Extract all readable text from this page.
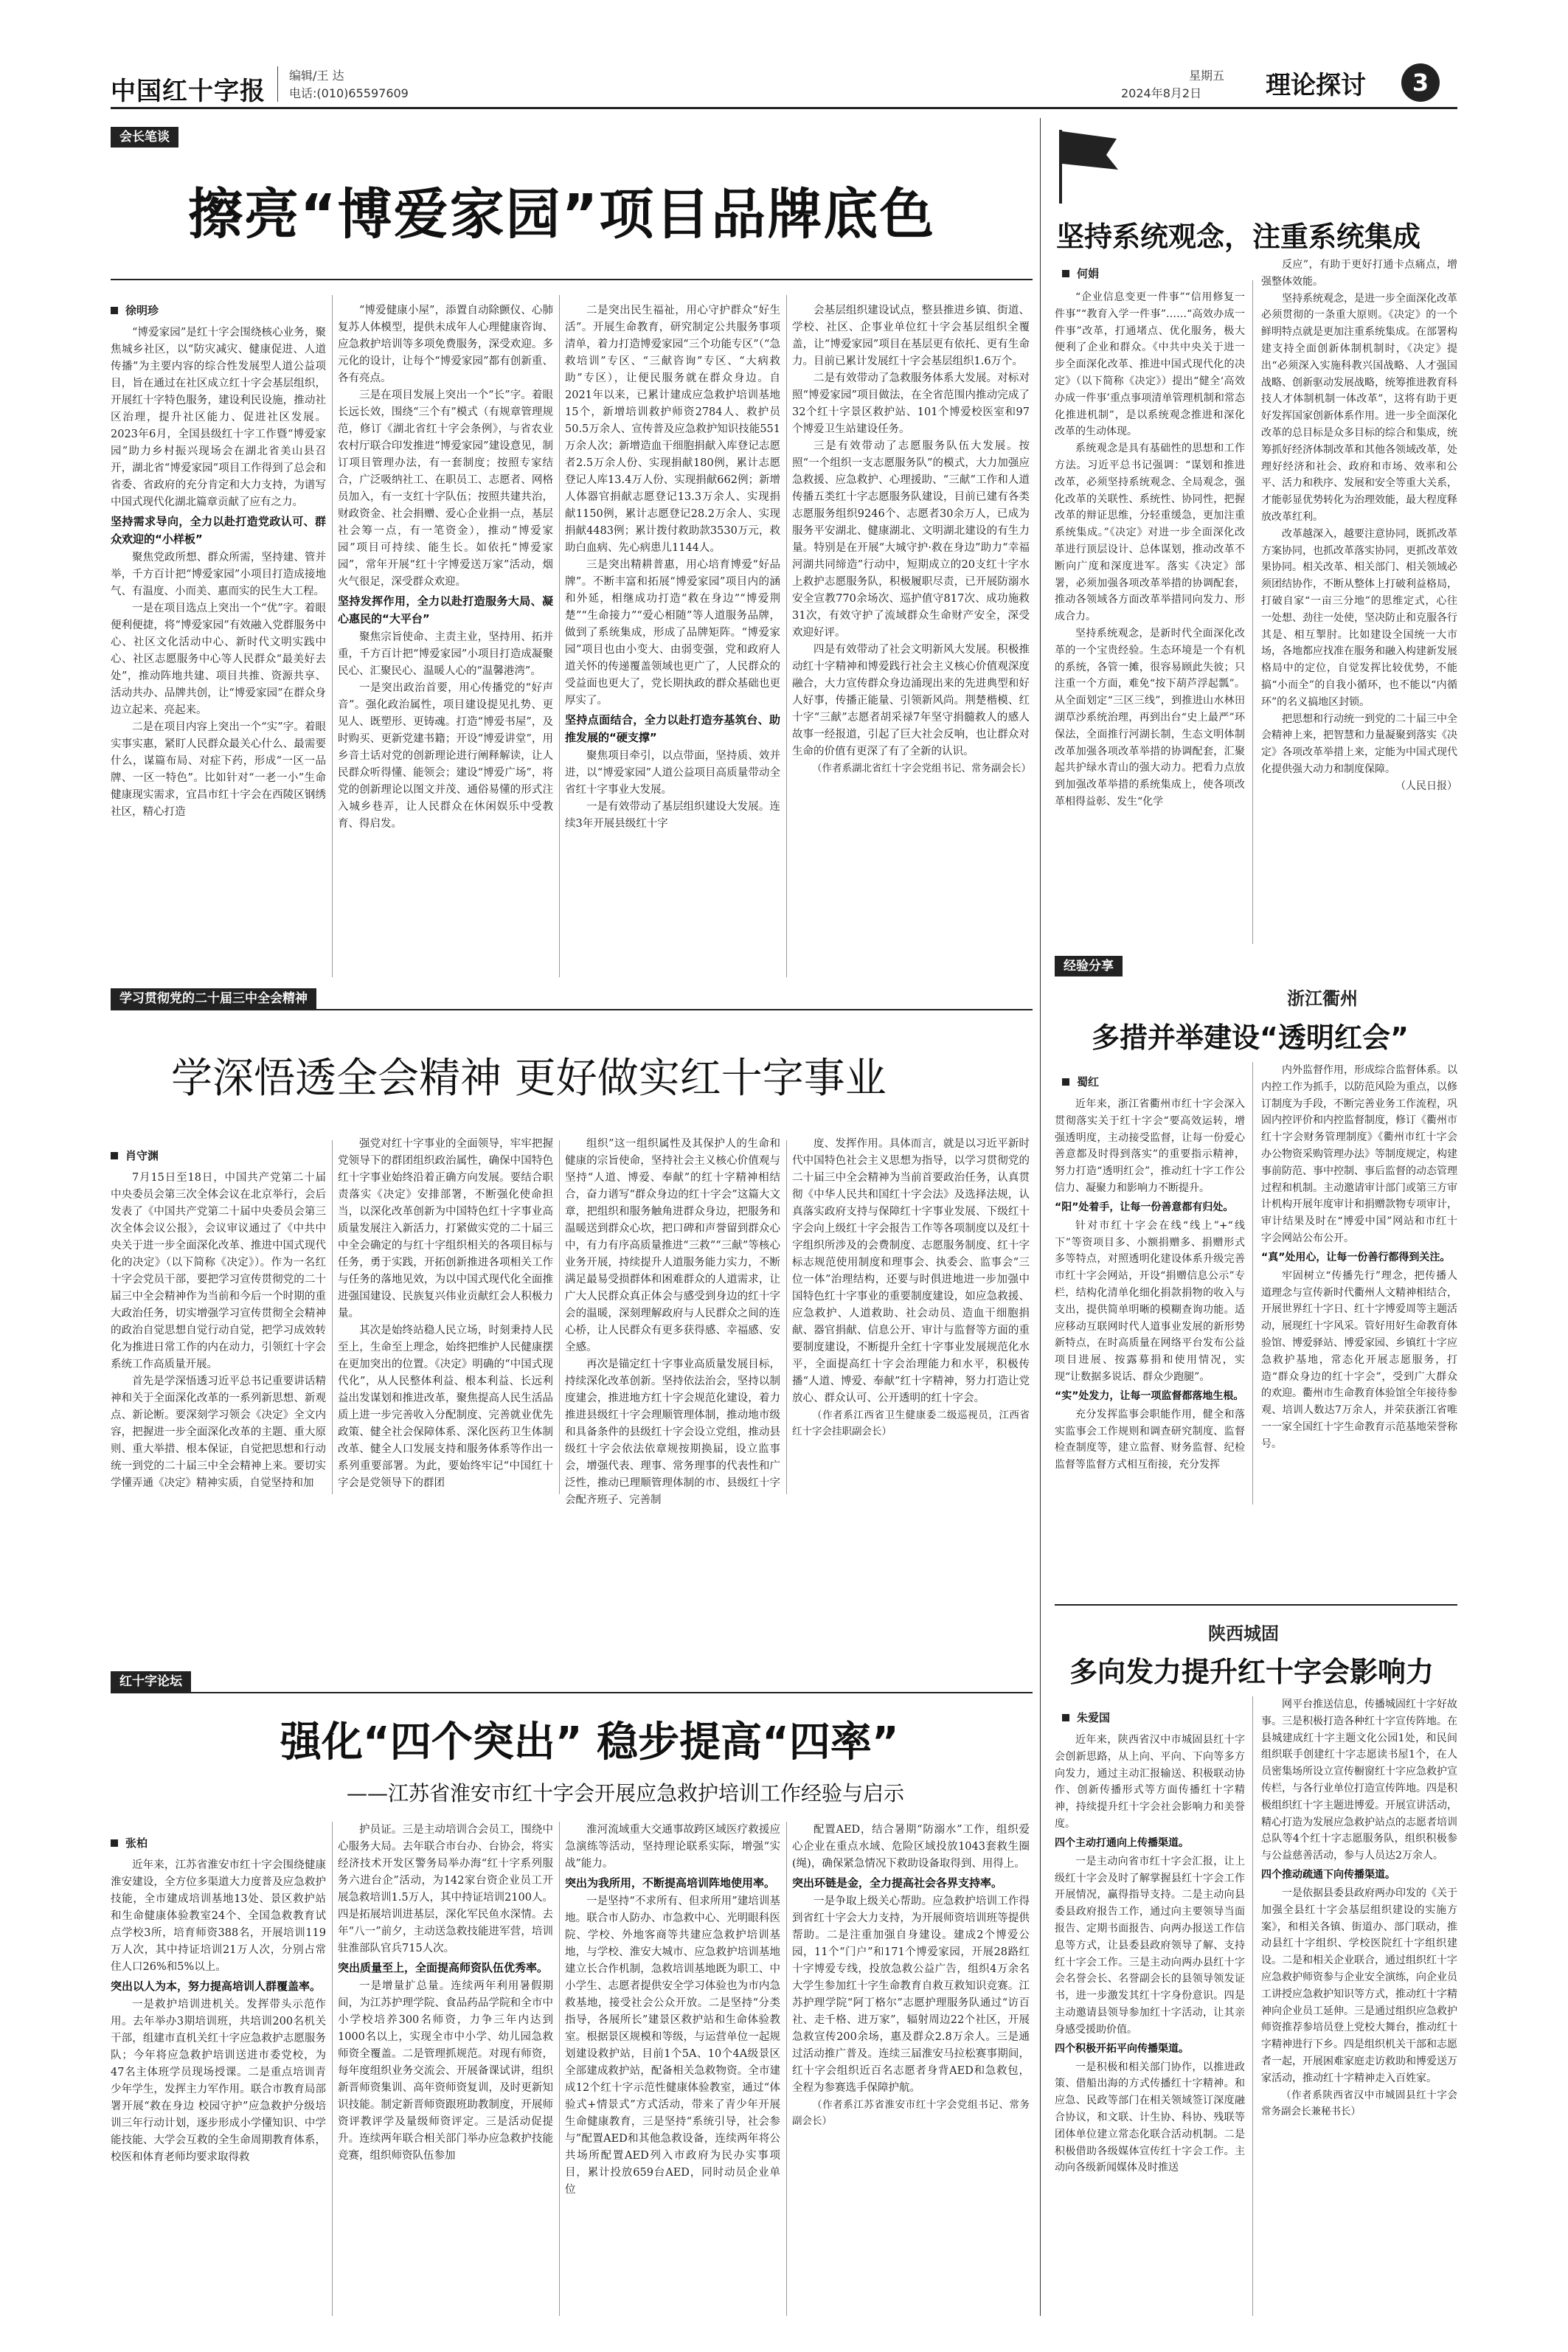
中国红十字报
编辑/王 达
电话:(010)65597609
星期五
2024年8月2日	理论探讨	3
会长笔谈
擦亮“博爱家园”项目品牌底色
徐明珍

“博爱家园”是红十字会围绕核心业务，聚焦城乡社区，以“防灾减灾、健康促进、人道传播”为主要内容的综合性发展型人道公益项目，旨在通过在社区成立红十字会基层组织，开展红十字特色服务，建设利民设施，推动社区治理，提升社区能力、促进社区发展。2023年6月，全国县级红十字工作暨“博爱家园”助力乡村振兴现场会在湖北省美山县召开，湖北省“博爱家园”项目工作得到了总会和省委、省政府的充分肯定和大力支持，为谱写中国式现代化湖北篇章贡献了应有之力。

坚持需求导向，全力以赴打造党政认可、群众欢迎的“小样板”

聚焦党政所想、群众所需，坚持建、管并举，千方百计把“博爱家园”小项目打造成接地气、有温度、小而美、惠而实的民生大工程。

一是在项目选点上突出一个“优”字。着眼便利便捷，将“博爱家园”有效融入党群服务中心、社区文化活动中心、新时代文明实践中心、社区志愿服务中心等人民群众“最美好去处”，推动阵地共建、项目共推、资源共享、活动共办、品牌共创，让“博爱家园”在群众身边立起来、亮起来。

二是在项目内容上突出一个“实”字。着眼实事实惠，紧盯人民群众最关心什么、最需要什么，谋篇布局、对症下药，形成“一区一品牌、一区一特色”。比如针对“一老一小”生命健康现实需求，宜昌市红十字会在西陵区钢绣社区，精心打造

“博爱健康小屋”，添置自动除颤仪、心肺复苏人体模型，提供未成年人心理健康咨询、应急救护培训等多项免费服务，深受欢迎。多元化的设计，让每个“博爱家园”都有创新重、各有亮点。

三是在项目发展上突出一个“长”字。着眼长远长效，围绕“三个有”模式（有规章管理规范，修订《湖北省红十字会条例》，与省农业农村厅联合印发推进“博爱家园”建设意见，制订项目管理办法，有一套制度；按照专家结合，广泛吸纳社工、在职员工、志愿者、网格员加入，有一支红十字队伍；按照共建共治，财政资金、社会捐赠、爱心企业捐一点，基层社会筹一点，有一笔资金），推动“博爱家园”项目可持续、能生长。如依托“博爱家园”，常年开展“红十字博爱送万家”活动，烟火气很足，深受群众欢迎。

坚持发挥作用，全力以赴打造服务大局、凝心惠民的“大平台”

聚焦宗旨使命、主责主业，坚持用、拓并重，千方百计把“博爱家园”小项目打造成凝聚民心、汇聚民心、温暖人心的“温馨港湾”。

一是突出政治首要，用心传播党的“好声音”。强化政治属性，项目建设提见扎势、更见人、既塑形、更铸魂。打造“博爱书屋”，及时购买、更新党建书籍；开设“博爱讲堂”，用乡音土话对党的创新理论进行阐释解读，让人民群众听得懂、能领会；建设“博爱广场”，将党的创新理论以图文并茂、通俗易懂的形式注入城乡巷弄，让人民群众在休闲娱乐中受教育、得启发。

二是突出民生福祉，用心守护群众“好生活”。开展生命教育，研究制定公共服务事项清单，着力打造博爱家园“三个功能专区”（“急救培训”专区、“三献咨询”专区、“大病救助”专区），让便民服务就在群众身边。自2021年以来，已累计建成应急救护培训基地15个，新增培训救护师资2784人、救护员50.5万余人、宣传普及应急救护知识技能551万余人次；新增造血干细胞捐献入库登记志愿者2.5万余人份、实现捐献180例，累计志愿登记人库13.4万人份、实现捐献662例；新增人体器官捐献志愿登记13.3万余人、实现捐献1150例，累计志愿登记28.2万余人、实现捐献4483例；累计拨付救助款3530万元，救助白血病、先心病患儿1144人。

三是突出精耕普惠，用心培育博爱“好品牌”。不断丰富和拓展“博爱家园”项目内的涵和外延，相继成功打造“救在身边”“博爱荆楚”“生命接力”“爱心相随”等人道服务品牌，做到了系统集成，形成了品牌矩阵。“博爱家园”项目也由小变大、由弱变强，党和政府人道关怀的传递覆盖领域也更广了，人民群众的受益面也更大了，党长期执政的群众基础也更厚实了。

坚持点面结合，全力以赴打造夯基筑台、助推发展的“硬支撑”

聚焦项目牵引，以点带面，坚持质、效并进，以“博爱家园”人道公益项目高质量带动全省红十字事业大发展。

一是有效带动了基层组织建设大发展。连续3年开展县级红十字

会基层组织建设试点，整县推进乡镇、街道、学校、社区、企事业单位红十字会基层组织全覆盖，让“博爱家园”项目在基层更有依托、更有生命力。目前已累计发展红十字会基层组织1.6万个。

二是有效带动了急救服务体系大发展。对标对照“博爱家园”项目做法，在全省范围内推动完成了32个红十字景区救护站、101个博爱校医室和97个博爱卫生站建设任务。

三是有效带动了志愿服务队伍大发展。按照“一个组织一支志愿服务队”的模式，大力加强应急救援、应急救护、心理援助、“三献”工作和人道传播五类红十字志愿服务队建设，目前已建有各类志愿服务组织9246个、志愿者30余万人，已成为服务平安湖北、健康湖北、文明湖北建设的有生力量。特别是在开展“大城守护·救在身边”助力“幸福河湖共同缔造”行动中，短期成立的20支红十字水上救护志愿服务队，积极履职尽责，已开展防溺水安全宣教770余场次、巡护值守817次、成功施救31次，有效守护了流域群众生命财产安全，深受欢迎好评。

四是有效带动了社会文明新风大发展。积极推动红十字精神和博爱践行社会主义核心价值观深度融合，大力宣传群众身边涌现出来的先进典型和好人好事，传播正能量、引领新风尚。荆楚楷模、红十字“三献”志愿者胡采禄7年坚守捐髓救人的感人故事一经报道，引起了巨大社会反响，也让群众对生命的价值有更深了有了全新的认识。

（作者系湖北省红十字会党组书记、常务副会长）

旗帜
坚持系统观念，注重系统集成
何娟

“企业信息变更一件事”“信用修复一件事”“教育入学一件事”……“高效办成一件事”改革，打通堵点、优化服务，极大便利了企业和群众。《中共中央关于进一步全面深化改革、推进中国式现代化的决定》（以下简称《决定》）提出“健全‘高效办成一件事’重点事项清单管理机制和常态化推进机制”，是以系统观念推进和深化改革的生动体现。

系统观念是具有基础性的思想和工作方法。习近平总书记强调：“谋划和推进改革，必须坚持系统观念、全局观念，强化改革的关联性、系统性、协同性，把握改革的辩证思维，分轻重缓急，更加注重系统集成。”《决定》对进一步全面深化改革进行顶层设计、总体谋划，推动改革不断向广度和深度进军。落实《决定》部署，必须加强各项改革举措的协调配套，推动各领域各方面改革举措同向发力、形成合力。

坚持系统观念，是新时代全面深化改革的一个宝贵经验。生态环境是一个有机的系统，各管一摊，很容易顾此失彼；只注重一个方面，难免“按下葫芦浮起瓢”。从全面划定“三区三线”，到推进山水林田湖草沙系统治理，再到出台“史上最严”环保法，全面推行河湖长制，生态文明体制改革加强各项改革举措的协调配套，汇聚起共护绿水青山的强大动力。把看力点放到加强改革举措的系统集成上，使各项改革相得益彰、发生“化学

反应”，有助于更好打通卡点痛点，增强整体效能。

坚持系统观念，是进一步全面深化改革必须贯彻的一条重大原则。《决定》的一个鲜明特点就是更加注重系统集成。在部署构建支持全面创新体制机制时，《决定》提出“必须深入实施科教兴国战略、人才强国战略、创新驱动发展战略，统筹推进教育科技人才体制机制一体改革”，这将有助于更好发挥国家创新体系作用。进一步全面深化改革的总目标是众多目标的综合和集成，统筹抓好经济体制改革和其他各领域改革，处理好经济和社会、政府和市场、效率和公平、活力和秩序、发展和安全等重大关系，才能彰显优势转化为治理效能，最大程度释放改革红利。

改革越深入，越要注意协同，既抓改革方案协同，也抓改革落实协同，更抓改革效果协同。相关改革、相关部门、相关领域必须团结协作，不断从整体上打破利益格局，打破自家“一亩三分地”的思维定式，心往一处想、劲往一处使，坚决防止和克服各行其是、相互掣肘。比如建设全国统一大市场，各地都应找准在服务和融入构建新发展格局中的定位，自觉发挥比较优势，不能搞“小而全”的自我小循环，也不能以“内循环”的名义搞地区封锁。

把思想和行动统一到党的二十届三中全会精神上来，把智慧和力量凝聚到落实《决定》各项改革举措上来，定能为中国式现代化提供强大动力和制度保障。

（人民日报）
学习贯彻党的二十届三中全会精神
学深悟透全会精神 更好做实红十字事业
肖守渊

7月15日至18日，中国共产党第二十届中央委员会第三次全体会议在北京举行，会后发表了《中国共产党第二十届中央委员会第三次全体会议公报》，会议审议通过了《中共中央关于进一步全面深化改革、推进中国式现代化的决定》（以下简称《决定》）。作为一名红十字会党员干部，要把学习宣传贯彻党的二十届三中全会精神作为当前和今后一个时期的重大政治任务，切实增强学习宣传贯彻全会精神的政治自觉思想自觉行动自觉，把学习成效转化为推进日常工作的内在动力，引领红十字会系统工作高质量开展。

首先是学深悟透习近平总书记重要讲话精神和关于全面深化改革的一系列新思想、新观点、新论断。要深刻学习领会《决定》全文内容，把握进一步全面深化改革的主题、重大原则、重大举措、根本保证，自觉把思想和行动统一到党的二十届三中全会精神上来。要切实学懂弄通《决定》精神实质，自觉坚持和加

强党对红十字事业的全面领导，牢牢把握党领导下的群团组织政治属性，确保中国特色红十字事业始终沿着正确方向发展。要结合职责落实《决定》安排部署，不断强化使命担当，以深化改革创新为中国特色红十字事业高质量发展注入新活力，打紧做实党的二十届三中全会确定的与红十字组织相关的各项目标与任务，勇于实践，开拓创新推进各项相关工作与任务的落地见效，为以中国式现代化全面推进强国建设、民族复兴伟业贡献红会人积极力量。

其次是始终站稳人民立场，时刻秉持人民至上，生命至上理念，始终把维护人民健康摆在更加突出的位置。《决定》明确的“中国式现代化”，从人民整体利益、根本利益、长远利益出发谋划和推进改革，聚焦提高人民生活品质上进一步完善收入分配制度、完善就业优先政策、健全社会保障体系、深化医药卫生体制改革、健全人口发展支持和服务体系等作出一系列重要部署。为此，要始终牢记“中国红十字会是党领导下的群团

组织”这一组织属性及其保护人的生命和健康的宗旨使命，坚持社会主义核心价值观与坚持“人道、博爱、奉献”的红十字精神相结合，奋力谱写“群众身边的红十字会”这篇大文章，把组织和服务触角进群众身边，把服务和温暖送到群众心坎，把口碑和声誉留到群众心中，有力有序高质量推进“三救”“三献”等核心业务开展，持续提升人道服务能力实力，不断满足最易受损群体和困难群众的人道需求，让广大人民群众真正体会与感受到身边的红十字会的温暖，深刻理解政府与人民群众之间的连心桥，让人民群众有更多获得感、幸福感、安全感。

再次是锚定红十字事业高质量发展目标，持续深化改革创新。坚持依法治会，坚持以制度建会，推进地方红十字会规范化建设，着力推进县级红十字会理顺管理体制，推动地市级和具备条件的县级红十字会设立党组，推动县级红十字会依法依章规按期换届，设立监事会，增强代表、理事、常务理事的代表性和广泛性，推动已理顺管理体制的市、县级红十字会配齐班子、完善制

度、发挥作用。具体而言，就是以习近平新时代中国特色社会主义思想为指导，以学习贯彻党的二十届三中全会精神为当前首要政治任务，认真贯彻《中华人民共和国红十字会法》及选择法规，认真落实政府支持与保障红十字事业发展、下级红十字会向上级红十字会报告工作等各项制度以及红十字组织所涉及的会费制度、志愿服务制度、红十字标志规范使用制度和理事会、执委会、监事会“三位一体”治理结构，还要与时俱进地进一步加强中国特色红十字事业的重要制度建设，如应急救援、应急救护、人道救助、社会动员、造血干细胞捐献、器官捐献、信息公开、审计与监督等方面的重要制度建设，不断提升全红十字事业发展规范化水平，全面提高红十字会治理能力和水平，积极传播“人道、博爱、奉献”红十字精神，努力打造让党放心、群众认可、公开透明的红十字会。

（作者系江西省卫生健康委二级巡视员，江西省红十字会挂职副会长）

经验分享
浙江衢州
多措并举建设“透明红会”
蜀红

近年来，浙江省衢州市红十字会深入贯彻落实关于红十字会“要高效运转，增强透明度，主动接受监督，让每一份爱心善意都及时得到落实”的重要指示精神，努力打造“透明红会”，推动红十字工作公信力、凝聚力和影响力不断提升。

“阳”处着手，让每一份善意都有归处。

针对市红十字会在线“线上”+“线下”等资项目多、小额捐赠多、捐赠形式多等特点，对照透明化建设体系升级完善市红十字会网站，开设“捐赠信息公示”专栏，结构化清单化细化捐款捐物的收入与支出，提供简单明晰的模糊查询功能。适应移动互联网时代人道事业发展的新形势新特点，在时高质量在网络平台发布公益项目进展、按露募捐和使用情况，实现“让数据多说话、群众少跑腿”。

“实”处发力，让每一项监督都落地生根。

充分发挥监事会职能作用，健全和落实监事会工作规则和调查研究制度、监督检查制度等，建立监督、财务监督、纪检监督等监督方式相互衔接，充分发挥

内外监督作用，形成综合监督体系。以内控工作为抓手，以防范风险为重点，以修订制度为手段，不断完善业务工作流程，巩固内控评价和内控监督制度，修订《衢州市红十字会财务管理制度》《衢州市红十字会办公物资采购管理办法》等制度规定，构建事前防范、事中控制、事后监督的动态管理过程和机制。主动邀请审计部门或第三方审计机构开展年度审计和捐赠款物专项审计，审计结果及时在“博爱中国”网站和市红十字会网站公布公开。

“真”处用心，让每一份善行都得到关注。

牢固树立“传播先行”理念，把传播人道理念与宣传新时代衢州人文精神相结合，开展世界红十字日、红十字博爱周等主题活动，展现红十字风采。管好用好生命教育体验馆、博爱驿站、博爱家园、乡镇红十字应急救护基地，常态化开展志愿服务，打造“群众身边的红十字会”，受到广大群众的欢迎。衢州市生命教育体验馆全年接待参观、培训人数达7万余人，并荣获浙江省唯一一家全国红十字生命教育示范基地荣誉称号。

红十字论坛
强化“四个突出” 稳步提高“四率”
——江苏省淮安市红十字会开展应急救护培训工作经验与启示
张柏

近年来，江苏省淮安市红十字会围绕健康淮安建设，全方位多渠道大力度普及应急救护技能，全市建成培训基地13处、景区救护站和生命健康体验教室24个、全国急救教育试点学校3所，培育师资388名，开展培训119万人次，其中持证培训21万人次，分别占常住人口26%和5%以上。

突出以人为本，努力提高培训人群覆盖率。

一是救护培训进机关。发挥带头示范作用。去年举办3期培训班，共培训200名机关干部，组建市直机关红十字应急救护志愿服务队；今年将应急救护培训送进市委党校，为47名主体班学员现场授课。二是重点培训青少年学生，发挥主力军作用。联合市教育局部署开展“救在身边 校园守护”应急救护分级培训三年行动计划，逐步形成小学懂知识、中学能技能、大学会互救的全生命周期教育体系，校医和体育老师均要求取得救

护员证。三是主动培训合会员工，围绕中心服务大局。去年联合市台办、台协会，将实经济技术开发区警务局举办海“红十字系列服务六进台企”活动，为142家台资企业员工开展急救培训1.5万人，其中持证培训2100人。四是拓展培训进基层，深化军民鱼水深情。去年“八一”前夕，主动送急救技能进军营，培训驻淮部队官兵715人次。

突出质量至上，全面提高师资队伍优秀率。

一是增量扩总量。连续两年利用暑假期间，为江苏护理学院、食品药品学院和全市中小学校培养300名师资，力争三年内达到1000名以上，实现全市中小学、幼儿园急救师资全覆盖。二是管理抓规范。对现有师资，每年度组织业务交流会、开展备课试讲，组织新晋师资集训、高年资师资复训，及时更新知识技能。制定新晋师资跟班助教制度，开展师资评教评学及量级师资评定。三是活动促提升。连续两年联合相关部门举办应急救护技能竞赛，组织师资队伍参加

淮河流域重大交通事故跨区域医疗救援应急演练等活动，坚持理论联系实际，增强“实战”能力。

突出为我所用，不断提高培训阵地使用率。

一是坚持“不求所有、但求所用”建培训基地。联合市人防办、市急救中心、光明眼科医院、学校、外地客商等共建应急救护培训基地，与学校、淮安大城市、应急救护培训基地建立长合作机制，急救培训基地既为职工、中小学生、志愿者提供安全学习体验也为市内急救基地，接受社会公众开放。二是坚持“分类指导，各展所长”建景区救护站和生命体验教室。根据景区规模和等级，与运营单位一起规划建设救护站，目前1个5A、10个4A级景区全部建成救护站，配备相关急救物资。全市建成12个红十字示范性健康体验教室，通过“体验式+情景式”方式活动，带来了青少年开展生命健康教育，三是坚持“系统引导，社会参与”配置AED和其他急救设备，连续两年将公共场所配置AED列入市政府为民办实事项目，累计投放659台AED，同时动员企业单位

配置AED，结合暑期“防溺水”工作，组织爱心企业在重点水域、危险区域投放1043套救生圈(绳)，确保紧急情况下救助设备取得到、用得上。

突出环链是金，全力提高社会各界支持率。

一是争取上级关心帮助。应急救护培训工作得到省红十字会大力支持，为开展师资培训班等提供帮助。二是注重加强自身建设。建成2个博爱公园，11个“门户”和171个博爱家园，开展28路红十字博爱专线，投放急救公益广告，组织4万余名大学生参加红十字生命教育自救互救知识竞赛。江苏护理学院“阿丁格尔”志愿护理服务队通过“访百社、走千格、进万家”，辐射周边22个社区，开展急救宣传200余场，惠及群众2.8万余人。三是通过活动推广普及。连续三届淮安马拉松赛事期间，红十字会组织近百名志愿者身背AED和急救包，全程为参赛选手保障护航。

（作者系江苏省淮安市红十字会党组书记、常务副会长）

陕西城固
多向发力提升红十字会影响力
朱爱国

近年来，陕西省汉中市城固县红十字会创新思路，从上向、平向、下向等多方向发力，通过主动汇报输送、积极联动协作、创新传播形式等方面传播红十字精神，持续提升红十字会社会影响力和美誉度。

四个主动打通向上传播渠道。

一是主动向省市红十字会汇报，让上级红十字会及时了解掌握县红十字会工作开展情况，赢得指导支持。二是主动向县委县政府报告工作，通过向主要领导当面报告、定期书面报告、向两办报送工作信息等方式，让县委县政府领导了解、支持红十字会工作。三是主动向两办县红十字会名誉会长、名誉副会长的县领导领发证书，进一步激发其红十字身份意识。四是主动邀请县领导参加红十字活动，让其亲身感受援助价值。

四个积极开拓平向传播渠道。

一是积极和相关部门协作，以推进政策、借船出海的方式传播红十字精神。和应急、民政等部门在相关领域签订深度融合协议，和文联、计生协、科协、残联等团体单位建立常态化联合活动机制。二是积极借助各级媒体宣传红十字会工作。主动向各级新闻媒体及时推送

网平台推送信息，传播城固红十字好故事。三是积极打造各种红十字宣传阵地。在县城建成红十字主题文化公园1处，和民间组织联手创建红十字志愿读书屋1个，在人员密集场所设立宣传橱窗红十字应急救护宣传栏，与各行业单位打造宣传阵地。四是积极组织红十字主题进博爱。开展宣讲活动，精心打造为发展应急救护站点的志愿者培训总队等4个红十字志愿服务队，组织积极参与公益慈善活动，参与人员达2万余人。

四个推动疏通下向传播渠道。

一是依据县委县政府两办印发的《关于加强全县红十字会基层组织建设的实施方案》，和相关各镇、街道办、部门联动，推动县红十字组织、学校医院红十字组织建设。二是和相关企业联合，通过组织红十字应急救护师资参与企业安全演练，向企业员工讲授应急救护知识等方式，推动红十字精神向企业员工延伸。三是通过组织应急救护师资推荐参培员登上党校大舞台，推动红十字精神进行下乡。四是组织机关干部和志愿者一起，开展困难家庭走访救助和博爱送万家活动，推动红十字精神走入百姓家。

（作者系陕西省汉中市城固县红十字会常务副会长兼秘书长）
